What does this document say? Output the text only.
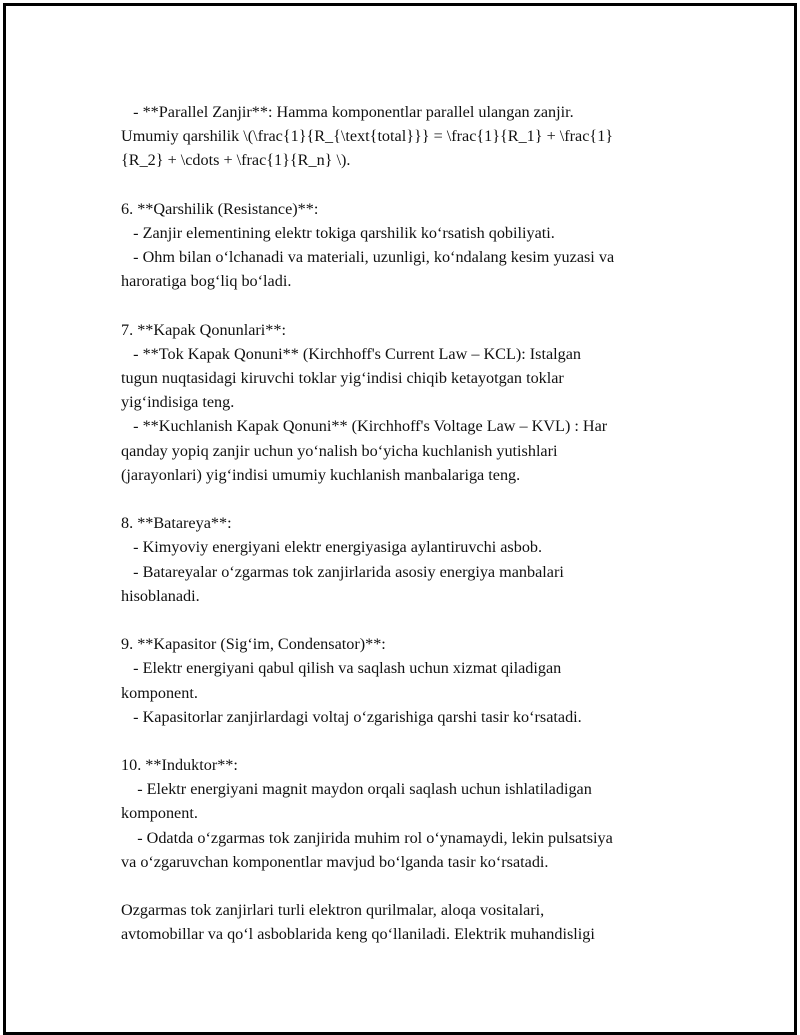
- **Parallel Zanjir**: Hamma komponentlar parallel ulangan zanjir.
Umumiy qarshilik \(\frac{1}{R_{\text{total}}} = \frac{1}{R_1} + \frac{1}
{R_2} + \cdots + \frac{1}{R_n} \).
6. **Qarshilik (Resistance)**:
- Zanjir elementining elektr tokiga qarshilik koʻrsatish qobiliyati.
- Ohm bilan oʻlchanadi va materiali, uzunligi, koʻndalang kesim yuzasi va
haroratiga bogʻliq boʻladi.
7. **Kapak Qonunlari**:
- **Tok Kapak Qonuni** (Kirchhoff's Current Law – KCL): Istalgan
tugun nuqtasidagi kiruvchi toklar yigʻindisi chiqib ketayotgan toklar
yigʻindisiga teng.
- **Kuchlanish Kapak Qonuni** (Kirchhoff's Voltage Law – KVL) : Har
qanday yopiq zanjir uchun yoʻnalish boʻyicha kuchlanish yutishlari
(jarayonlari) yigʻindisi umumiy kuchlanish manbalariga teng.
8. **Batareya**:
- Kimyoviy energiyani elektr energiyasiga aylantiruvchi asbob.
- Batareyalar oʻzgarmas tok zanjirlarida asosiy energiya manbalari
hisoblanadi.
9. **Kapasitor (Sigʻim, Condensator)**:
- Elektr energiyani qabul qilish va saqlash uchun xizmat qiladigan
komponent.
- Kapasitorlar zanjirlardagi voltaj oʻzgarishiga qarshi tasir koʻrsatadi.
10. **Induktor**:
- Elektr energiyani magnit maydon orqali saqlash uchun ishlatiladigan
komponent.
- Odatda oʻzgarmas tok zanjirida muhim rol oʻynamaydi, lekin pulsatsiya
va oʻzgaruvchan komponentlar mavjud boʻlganda tasir koʻrsatadi.
Ozgarmas tok zanjirlari turli elektron qurilmalar, aloqa vositalari,
avtomobillar va qoʻl asboblarida keng qoʻllaniladi. Elektrik muhandisligi
